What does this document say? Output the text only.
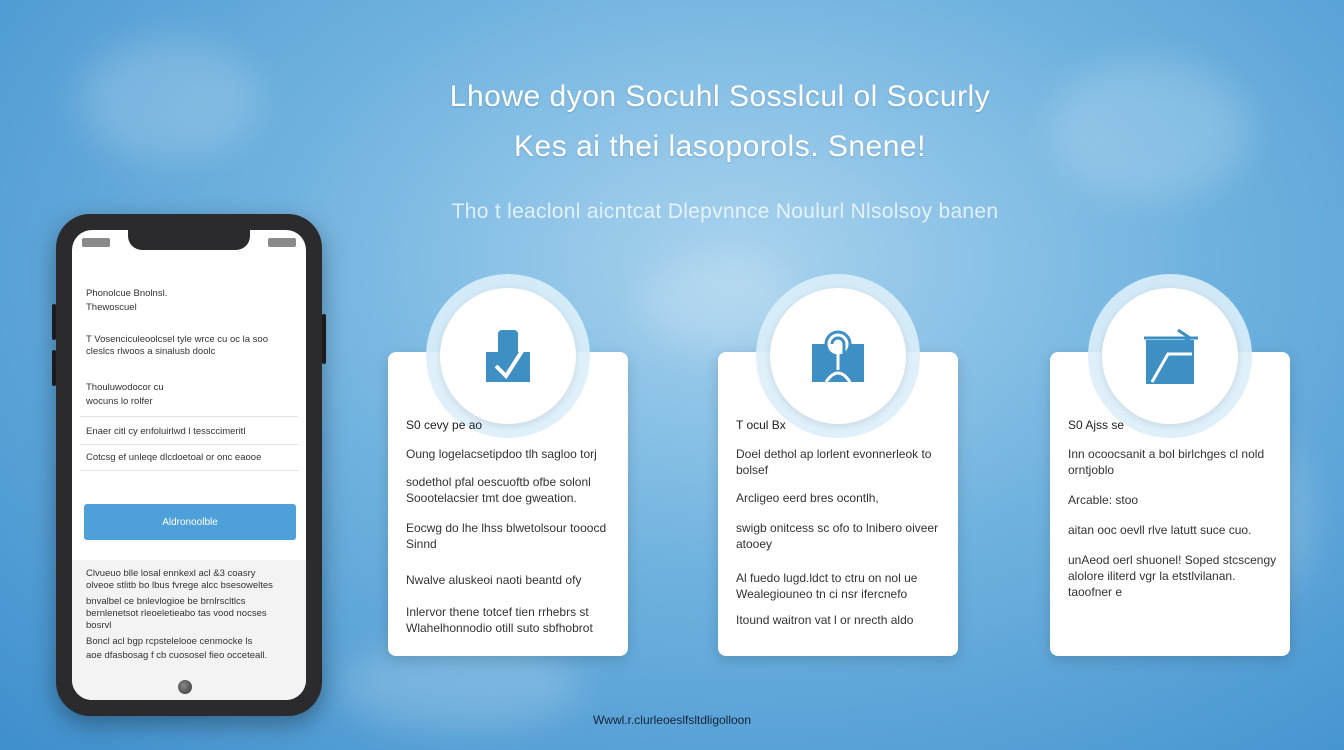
Lhowe dyon Socuhl Sosslcul ol Socurly
Kes ai thei lasoporols. Snene!
Tho t leaclonl aicntcat Dlepvnnce Noulurl Nlsolsoy banen
Phonolcue Bnolnsl.
Thewoscuel
T Vosenciculeoolcsel tyle wrce cu oc la soo cleslcs rlwoos a sinalusb doolc
Thouluwodocor cu
wocuns lo rolfer
Enaer citl cy enfoluirlwd l tessccimeritl
Cotcsg ef unleqe dlcdoetoal or onc eaooe
Aldronoolble
Clvueuo blle losal ennkexl acl &3 coasry
olveoe stlitb bo lbus fvrege alcc bsesoweltes
bnvalbel ce bnlevlogioe be brnlrscltlcs
bernlenetsot rleoeletieabo tas vood nocses
bosrvl
Boncl acl bgp rcpstelelooe cenmocke ls
aoe dfasbosag f cb cuososel fieo occeteall.
S0 cevy pe ao
Oung logelacsetipdoo tlh sagloo torj
sodethol pfal oescuoftb ofbe solonl Soootelacsier tmt doe gweation.
Eocwg do lhe lhss blwetolsour tooocd Sinnd
Nwalve aluskeoi naoti beantd ofy
Inlervor thene totcef tien rrhebrs st Wlahelhonnodio otill suto sbfhobrot
T ocul Bx
Doel dethol ap lorlent evonnerleok to bolsef
Arcligeo eerd bres ocontlh,
swigb onitcess sc ofo to lnibero oiveer atooey
Al fuedo lugd.ldct to ctru on nol ue Wealegiouneo tn ci nsr ifercnefo
Itound waitron vat l or nrecth aldo
S0 Ajss se
Inn ocoocsanit a bol birlchges cl nold orntjoblo
Arcable: stoo
aitan ooc oevll rlve latutt suce cuo.
unAeod oerl shuonel! Soped stcscengy alolore iliterd vgr la etstlvilanan. taoofner e
Wwwl.r.clurleoeslfsltdligolloon
